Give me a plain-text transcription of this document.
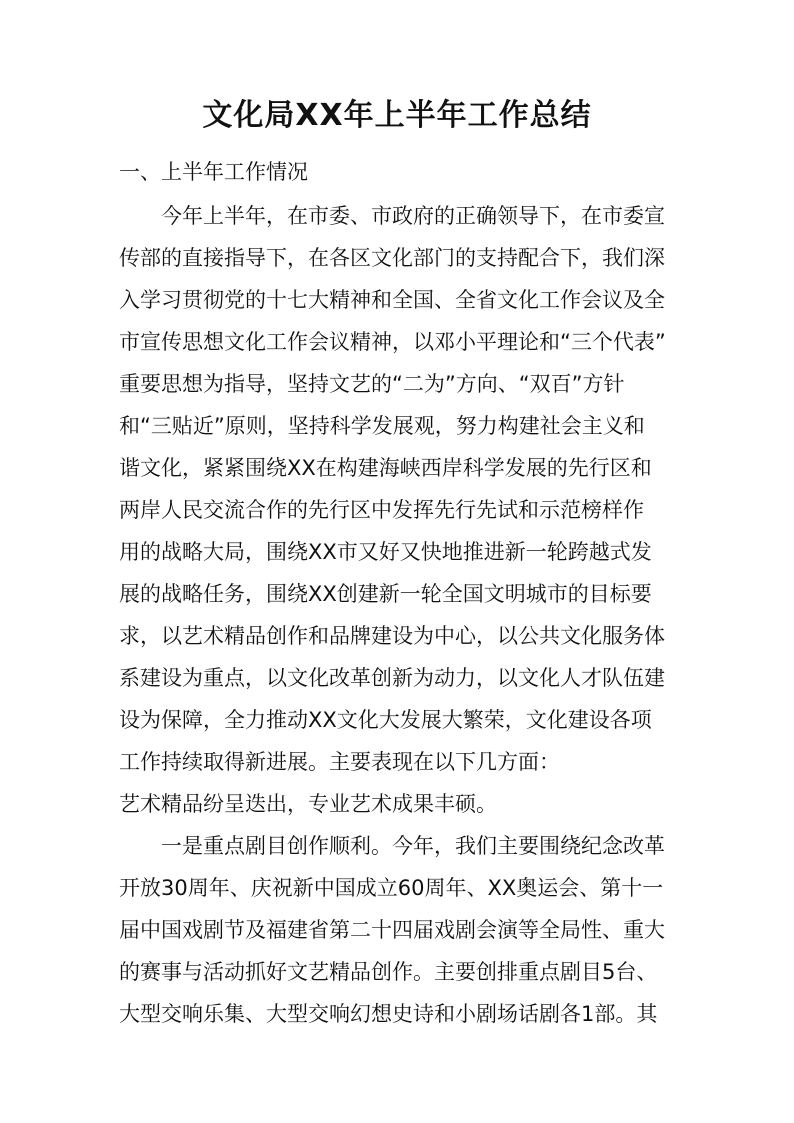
文化局XX年上半年工作总结
一、上半年工作情况
今年上半年，在市委、市政府的正确领导下，在市委宣
传部的直接指导下，在各区文化部门的支持配合下，我们深
入学习贯彻党的十七大精神和全国、全省文化工作会议及全
市宣传思想文化工作会议精神，以邓小平理论和“三个代表”
重要思想为指导，坚持文艺的“二为”方向、“双百”方针
和“三贴近”原则，坚持科学发展观，努力构建社会主义和
谐文化，紧紧围绕XX在构建海峡西岸科学发展的先行区和
两岸人民交流合作的先行区中发挥先行先试和示范榜样作
用的战略大局，围绕XX市又好又快地推进新一轮跨越式发
展的战略任务，围绕XX创建新一轮全国文明城市的目标要
求，以艺术精品创作和品牌建设为中心，以公共文化服务体
系建设为重点，以文化改革创新为动力，以文化人才队伍建
设为保障，全力推动XX文化大发展大繁荣，文化建设各项
工作持续取得新进展。主要表现在以下几方面：
艺术精品纷呈迭出，专业艺术成果丰硕。
一是重点剧目创作顺利。今年，我们主要围绕纪念改革
开放30周年、庆祝新中国成立60周年、XX奥运会、第十一
届中国戏剧节及福建省第二十四届戏剧会演等全局性、重大
的赛事与活动抓好文艺精品创作。主要创排重点剧目5台、
大型交响乐集、大型交响幻想史诗和小剧场话剧各1部。其
